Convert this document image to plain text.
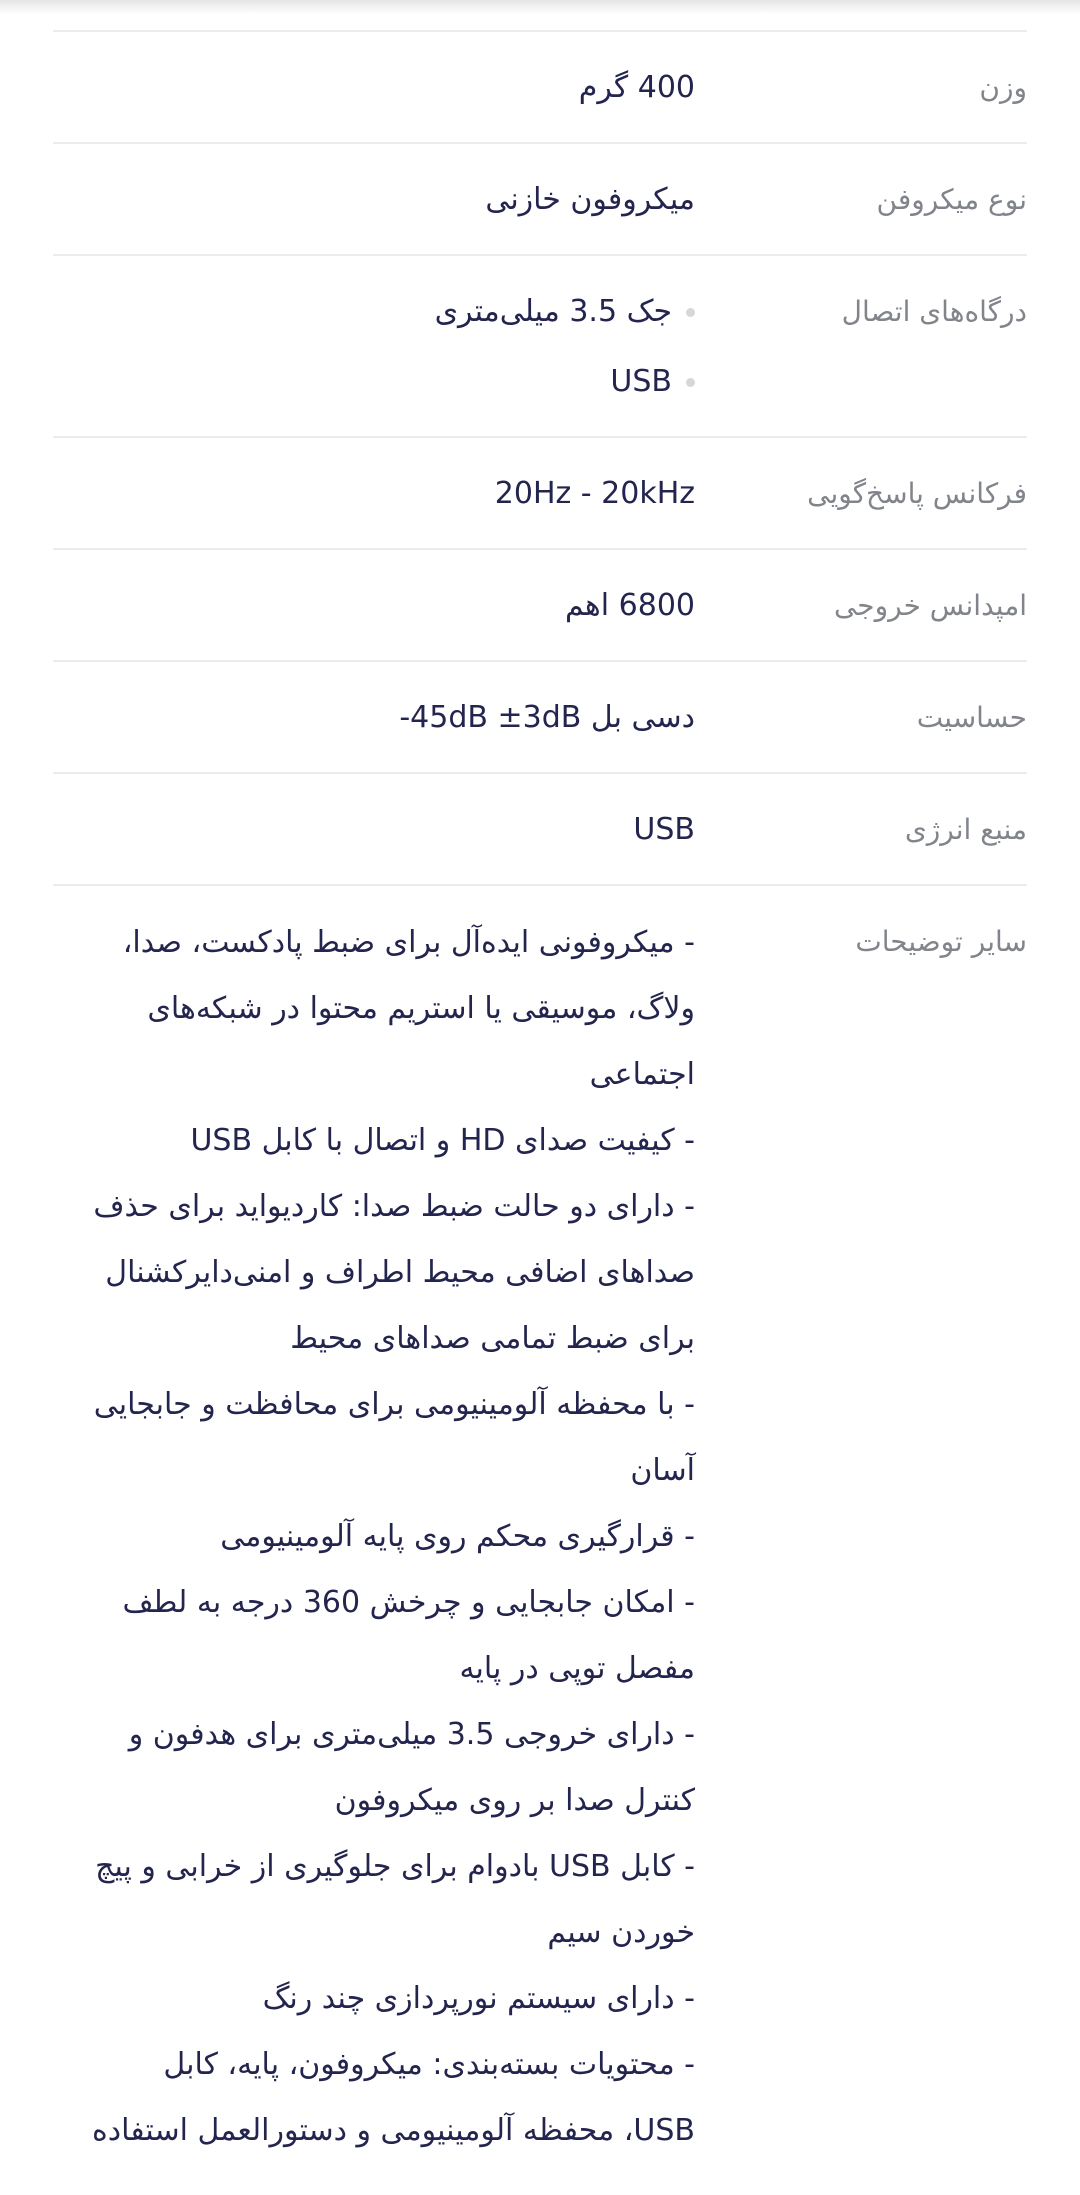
وزن
400 گرم
نوع میکروفن
میکروفون خازنی
درگاه‌های اتصال
جک 3.5 میلی‌متری
USB
فرکانس پاسخ‌گویی
20Hz - 20kHz
امپدانس خروجی
6800 اهم
حساسیت
دسی بل 45dB ±3dB-
منبع انرژی
USB
سایر توضیحات
- میکروفونی ایده‌آل برای ضبط پادکست، صدا،
ولاگ، موسیقی یا استریم محتوا در شبکه‌های
اجتماعی
- کیفیت صدای HD و اتصال با کابل USB
- دارای دو حالت ضبط صدا: کاردیواید برای حذف
صداهای اضافی محیط اطراف و امنی‌دایرکشنال
برای ضبط تمامی صداهای محیط
- با محفظه آلومینیومی برای محافظت و جابجایی
آسان
- قرارگیری محکم روی پایه آلومینیومی
- امکان جابجایی و چرخش 360 درجه به لطف
مفصل توپی در پایه
- دارای خروجی 3.5 میلی‌متری برای هدفون و
کنترل صدا بر روی میکروفون
- کابل USB بادوام برای جلوگیری از خرابی و پیچ
خوردن سیم
- دارای سیستم نورپردازی چند رنگ
- محتویات بسته‌بندی: میکروفون، پایه، کابل
USB، محفظه آلومینیومی و دستورالعمل استفاده
